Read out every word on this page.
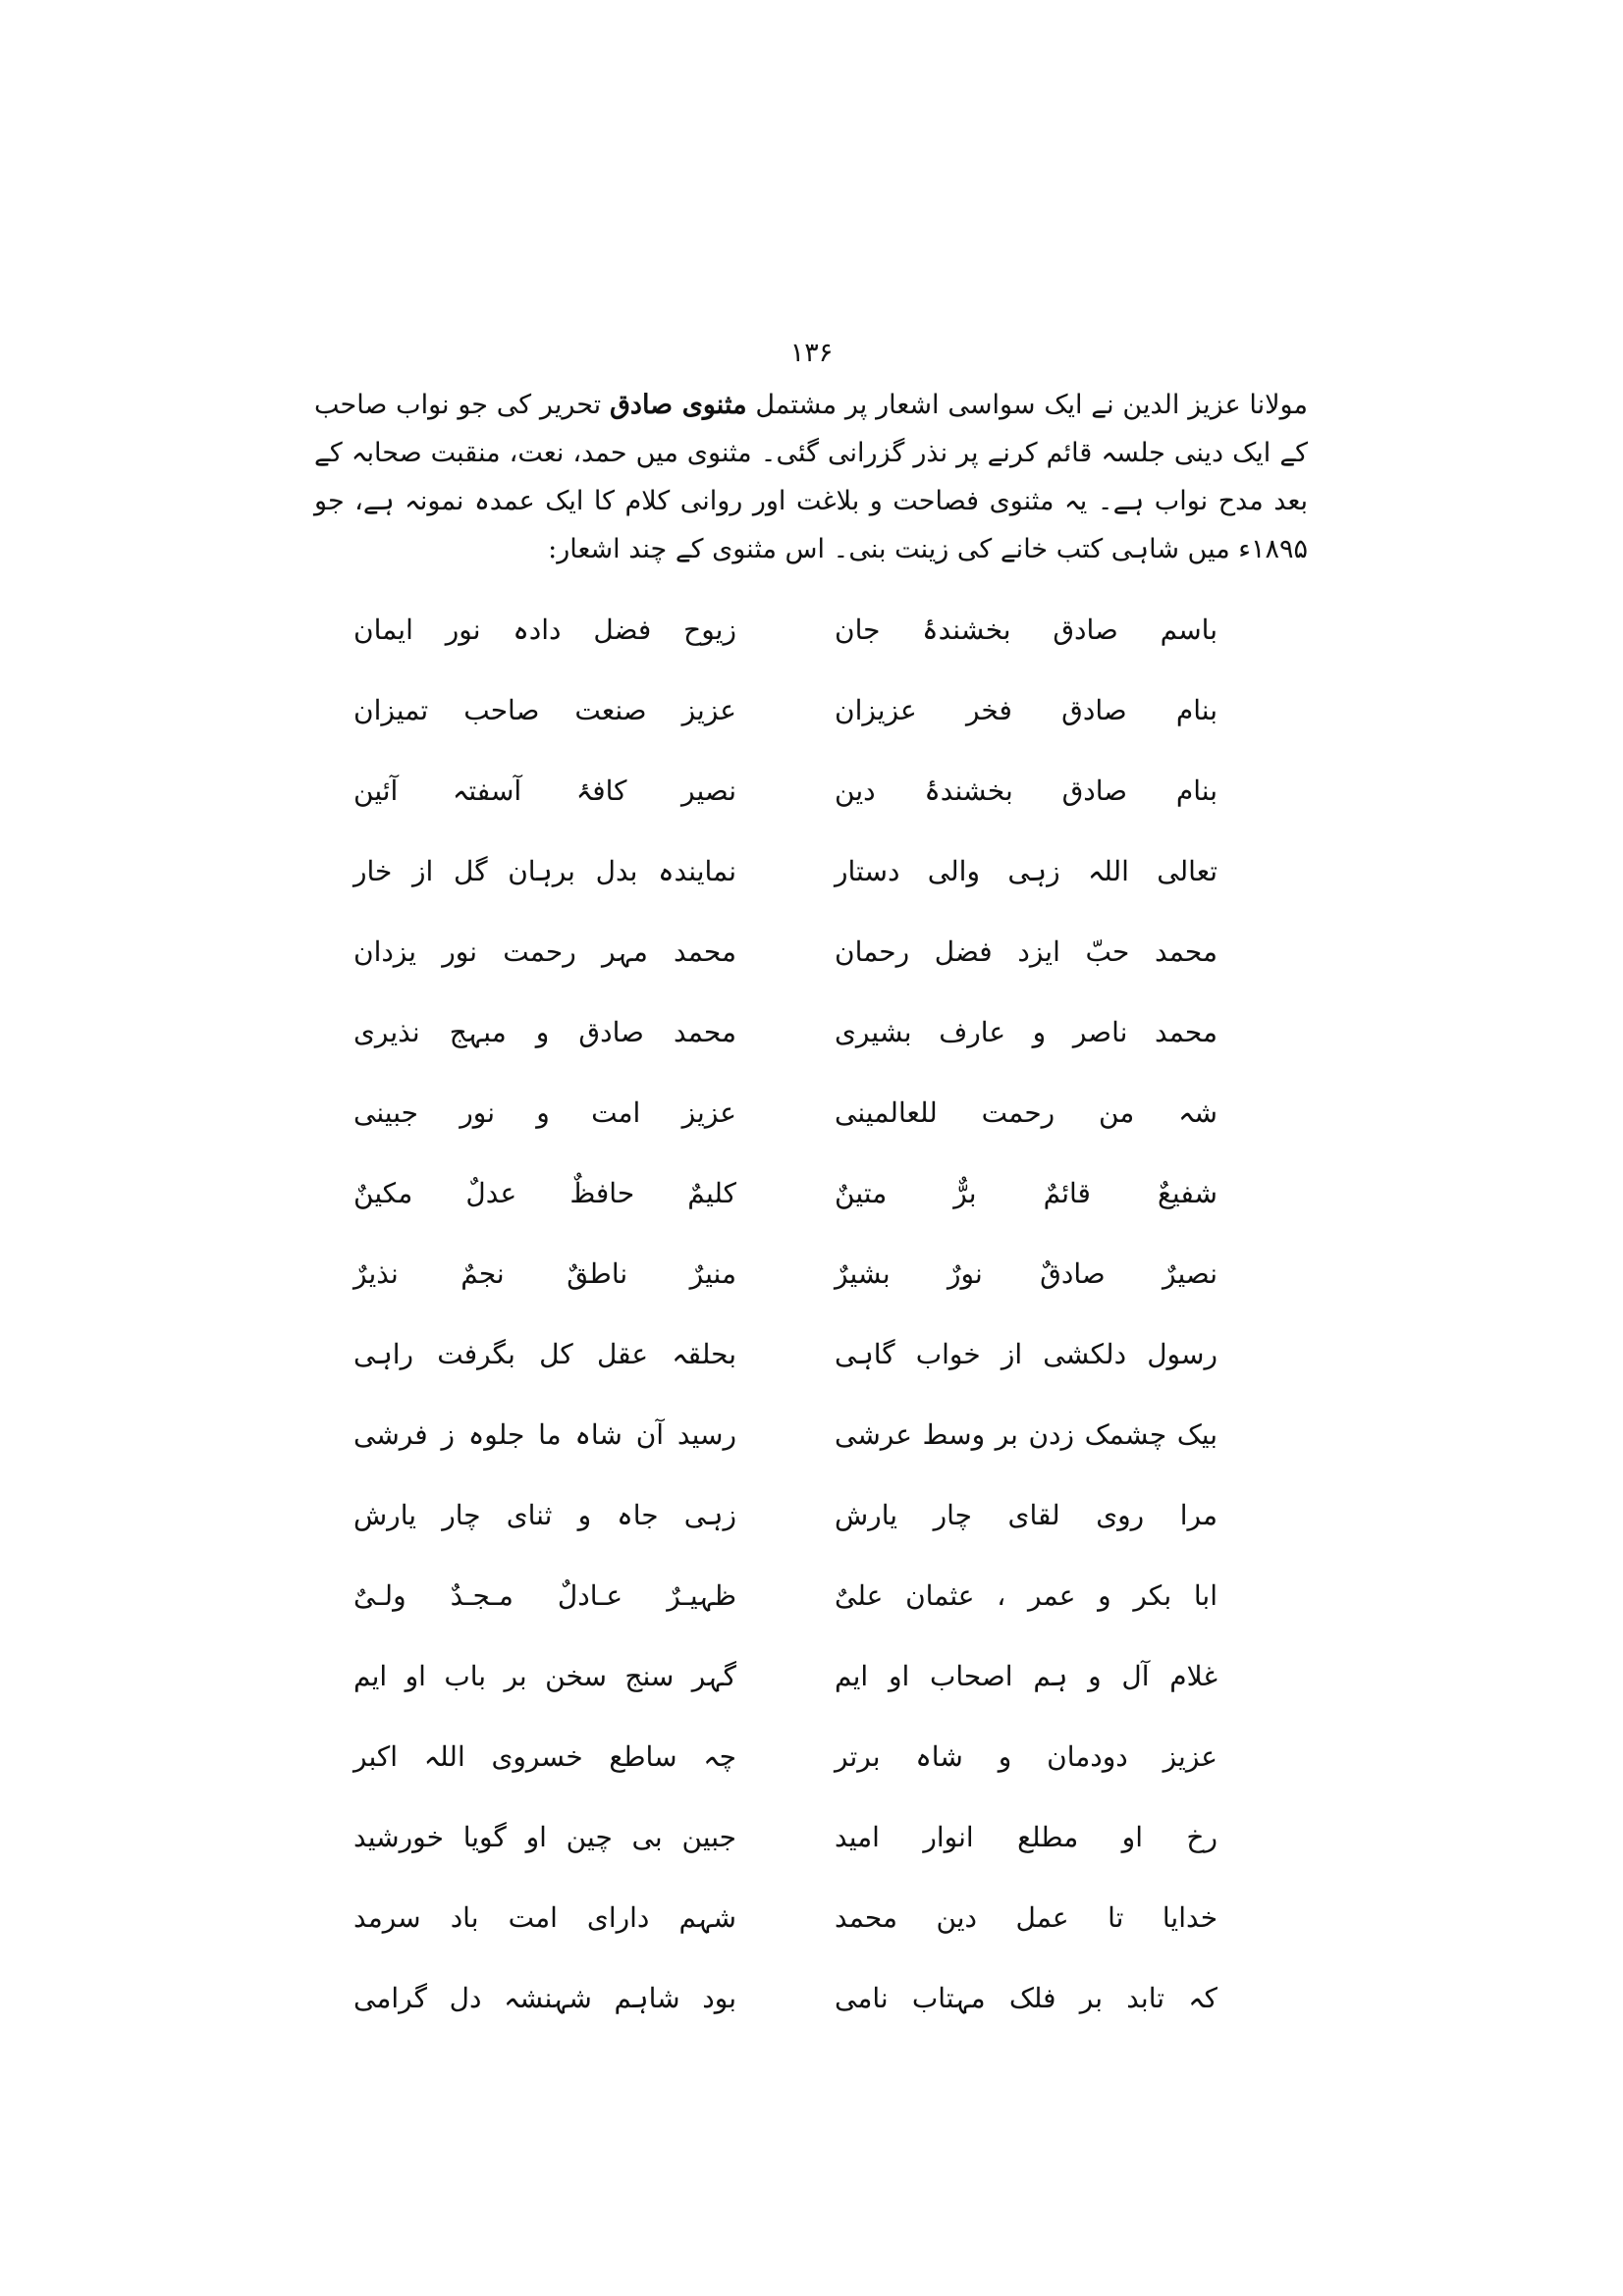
۱۳۶
مولانا عزیز الدین نے ایک سواسی اشعار پر مشتمل مثنوی صادق تحریر کی جو نواب صاحب کے ایک دینی جلسہ قائم کرنے پر نذر گزرانی گئی۔ مثنوی میں حمد، نعت، منقبت صحابہ کے بعد مدح نواب ہے۔ یہ مثنوی فصاحت و بلاغت اور روانی کلام کا ایک عمدہ نمونہ ہے، جو ۱۸۹۵ء میں شاہی کتب خانے کی زینت بنی۔ اس مثنوی کے چند اشعار:
باسم صادق بخشندۂ جان
زیوح فضل دادہ نور ایمان
بنام صادق فخر عزیزان
عزیز صنعت صاحب تمیزان
بنام صادق بخشندۂ دین
نصیر کافۂ آسفتہ آئین
تعالی اللہ زہی والی دستار
نمایندہ بدل برہان گل از خار
محمد حبّ ایزد فضل رحمان
محمد مہر رحمت نور یزدان
محمد ناصر و عارف بشیری
محمد صادق و مبہج نذیری
شہ من رحمت للعالمینی
عزیز امت و نور جبینی
شفیعٌ قائمٌ برٌّ متینٌ
کلیمٌ حافظٌ عدلٌ مکینٌ
نصیرٌ صادقٌ نورٌ بشیرٌ
منیرٌ ناطقٌ نجمٌ نذیرٌ
رسول دلکشی از خواب گاہی
بحلقہ عقل کل بگرفت راہی
بیک چشمک زدن بر وسط عرشی
رسید آن شاہ ما جلوہ ز فرشی
مرا روی لقای چار یارش
زہی جاہ و ثنای چار یارش
ابا بکر و عمر ، عثمان علیٌ
ظہیـرٌ عـادلٌ مـجـدٌ ولـیٌ
غلام آل و ہم اصحاب او ایم
گہر سنج سخن بر باب او ایم
عزیز دودمان و شاہ برتر
چہ ساطع خسروی اللہ اکبر
رخ او مطلع انوار امید
جبین بی چین او گویا خورشید
خدایا تا عمل دین محمد
شہم دارای امت باد سرمد
کہ تابد بر فلک مہتاب نامی
بود شاہم شہنشہ دل گرامی
